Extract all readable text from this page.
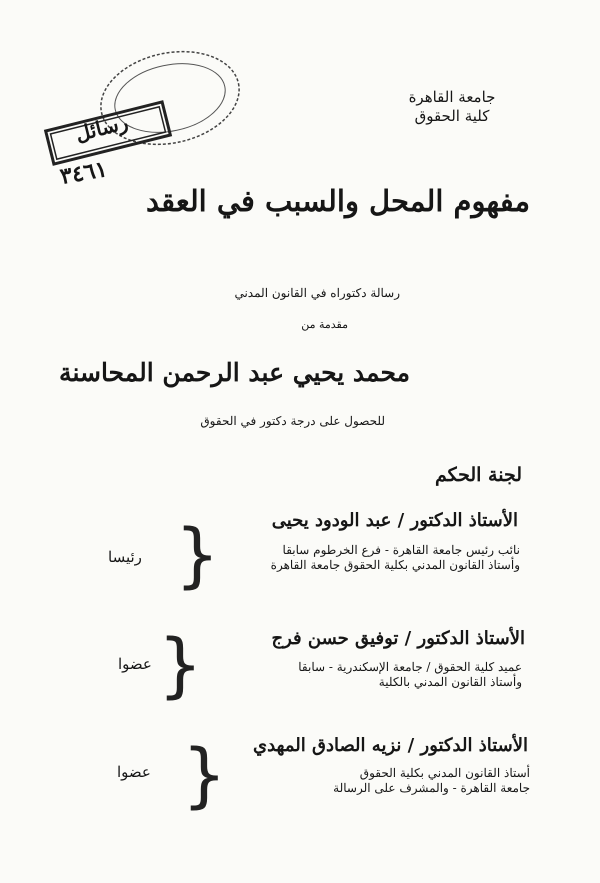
رسائل
٣٤٦١
جامعة القاهرة
كلية الحقوق
مفهوم المحل والسبب في العقد
رسالة دكتوراه في القانون المدني
مقدمة من
محمد يحيي عبد الرحمن المحاسنة
للحصول على درجة دكتور في الحقوق
لجنة الحكم
الأستاذ الدكتور / عبد الودود يحيى
نائب رئيس جامعة القاهرة - فرع الخرطوم سابقا
وأستاذ القانون المدني بكلية الحقوق جامعة القاهرة
{
رئيسا
الأستاذ الدكتور / توفيق حسن فرج
عميد كلية الحقوق / جامعة الإسكندرية - سابقا
وأستاذ القانون المدني بالكلية
{
عضوا
الأستاذ الدكتور / نزيه الصادق المهدي
أستاذ القانون المدني بكلية الحقوق
جامعة القاهرة - والمشرف على الرسالة
{
عضوا
